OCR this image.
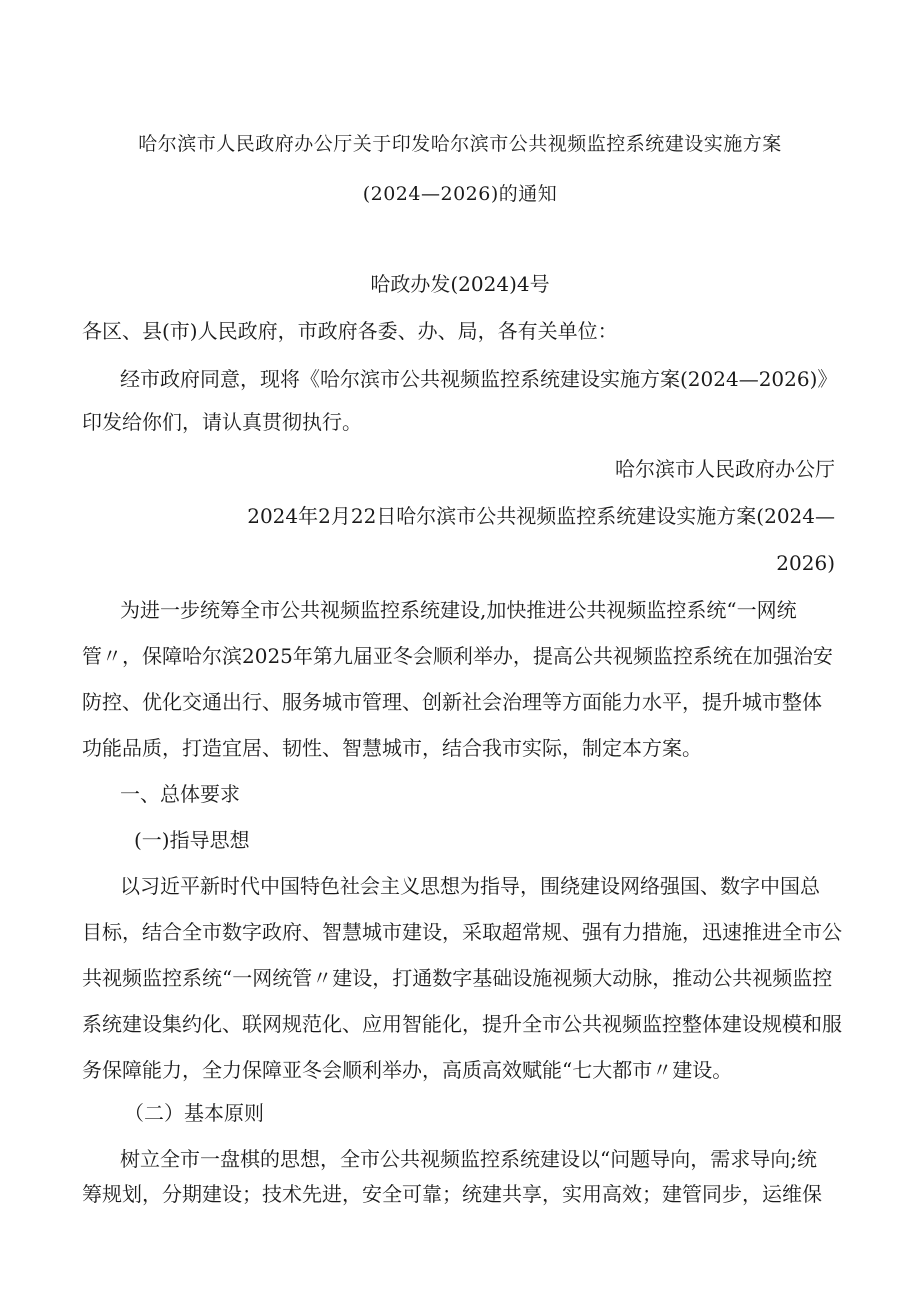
哈尔滨市人民政府办公厅关于印发哈尔滨市公共视频监控系统建设实施方案
(2024—2026)的通知
哈政办发(2024)4号
各区、县(市)人民政府，市政府各委、办、局，各有关单位：
经市政府同意，现将《哈尔滨市公共视频监控系统建设实施方案(2024—2026)》
印发给你们，请认真贯彻执行。
哈尔滨市人民政府办公厅
2024年2月22日哈尔滨市公共视频监控系统建设实施方案(2024—
2026)
为进一步统筹全市公共视频监控系统建设,加快推进公共视频监控系统“一网统
管〃，保障哈尔滨2025年第九届亚冬会顺利举办，提高公共视频监控系统在加强治安
防控、优化交通出行、服务城市管理、创新社会治理等方面能力水平，提升城市整体
功能品质，打造宜居、韧性、智慧城市，结合我市实际，制定本方案。
一、总体要求
(一)指导思想
以习近平新时代中国特色社会主义思想为指导，围绕建设网络强国、数字中国总
目标，结合全市数字政府、智慧城市建设，采取超常规、强有力措施，迅速推进全市公
共视频监控系统“一网统管〃建设，打通数字基础设施视频大动脉，推动公共视频监控
系统建设集约化、联网规范化、应用智能化，提升全市公共视频监控整体建设规模和服
务保障能力，全力保障亚冬会顺利举办，高质高效赋能“七大都市〃建设。
（二）基本原则
树立全市一盘棋的思想，全市公共视频监控系统建设以“问题导向，需求导向;统
筹规划，分期建设；技术先进，安全可靠；统建共享，实用高效；建管同步，运维保
